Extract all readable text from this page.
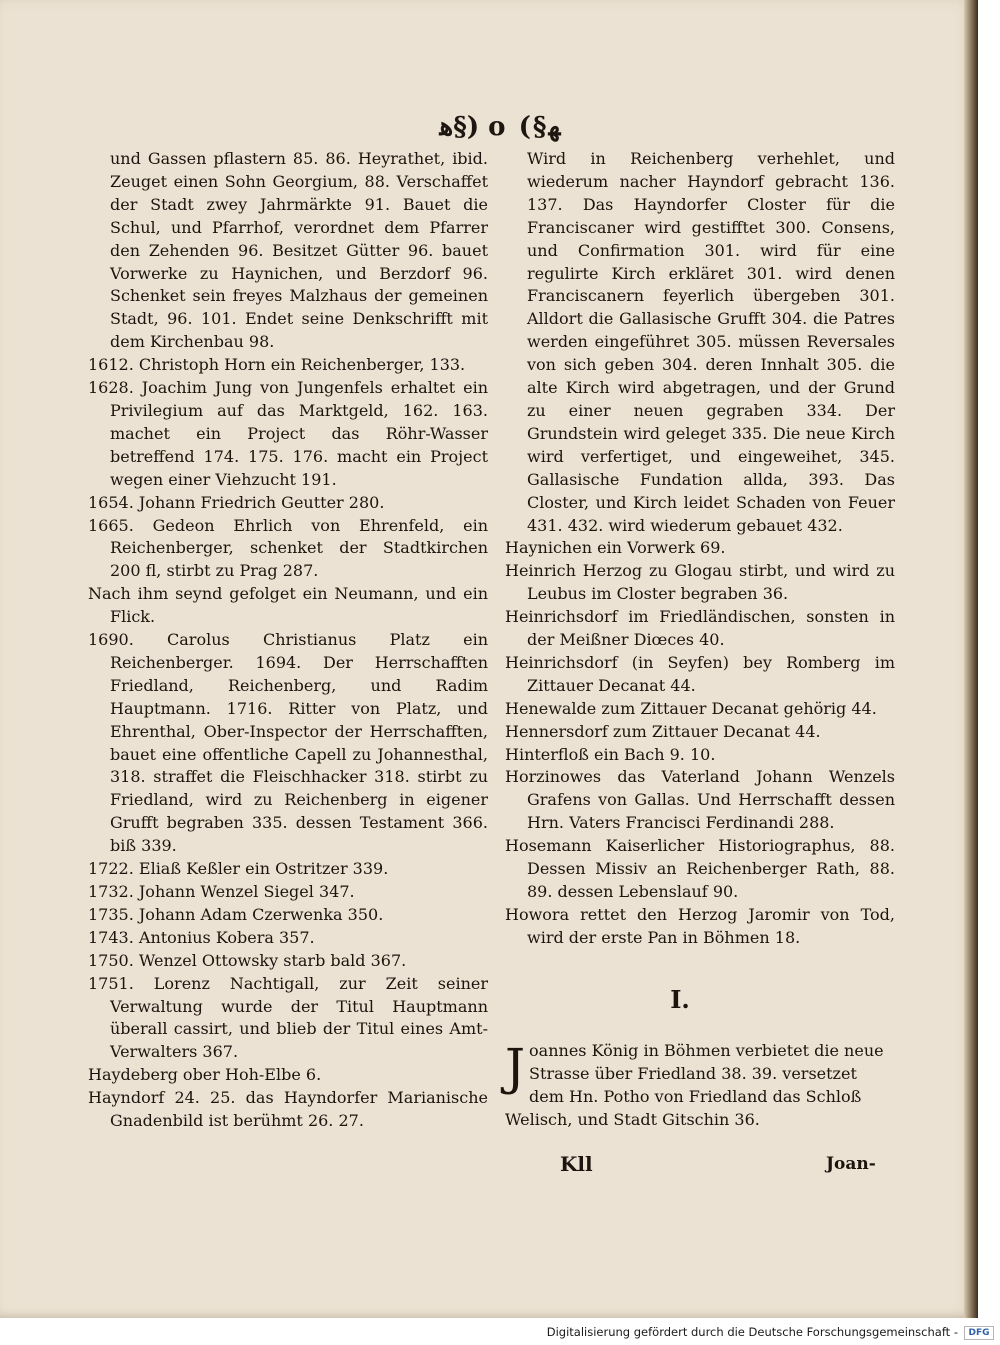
ﻫ§) o (§ﻬ

und Gassen pflastern 85. 86. Heyrathet, ibid. Zeuget einen Sohn Georgium, 88. Verschaffet der Stadt zwey Jahrmärkte 91. Bauet die Schul, und Pfarrhof, verordnet dem Pfarrer den Zehenden 96. Besitzet Gütter 96. bauet Vorwerke zu Haynichen, und Berzdorf 96. Schenket sein freyes Malzhaus der gemeinen Stadt, 96. 101. Endet seine Denkschrifft mit dem Kirchenbau 98.

1612. Christoph Horn ein Reichenberger, 133.

1628. Joachim Jung von Jungenfels erhaltet ein Privilegium auf das Marktgeld, 162. 163. machet ein Project das Röhr-Wasser betreffend 174. 175. 176. macht ein Project wegen einer Viehzucht 191.

1654. Johann Friedrich Geutter 280.

1665. Gedeon Ehrlich von Ehrenfeld, ein Reichenberger, schenket der Stadtkirchen 200 fl, stirbt zu Prag 287.

Nach ihm seynd gefolget ein Neumann, und ein Flick.

1690. Carolus Christianus Platz ein Reichenberger. 1694. Der Herrschafften Friedland, Reichenberg, und Radim Hauptmann. 1716. Ritter von Platz, und Ehrenthal, Ober-Inspector der Herrschafften, bauet eine offentliche Capell zu Johannesthal, 318. straffet die Fleischhacker 318. stirbt zu Friedland, wird zu Reichenberg in eigener Grufft begraben 335. dessen Testament 366. biß 339.

1722. Eliaß Keßler ein Ostritzer 339.

1732. Johann Wenzel Siegel 347.

1735. Johann Adam Czerwenka 350.

1743. Antonius Kobera 357.

1750. Wenzel Ottowsky starb bald 367.

1751. Lorenz Nachtigall, zur Zeit seiner Verwaltung wurde der Titul Hauptmann überall cassirt, und blieb der Titul eines Amt-Verwalters 367.

Haydeberg ober Hoh-Elbe 6.

Hayndorf 24. 25. das Hayndorfer Marianische Gnadenbild ist berühmt 26. 27.

Wird in Reichenberg verhehlet, und wiederum nacher Hayndorf gebracht 136. 137. Das Hayndorfer Closter für die Franciscaner wird gestifftet 300. Consens, und Confirmation 301. wird für eine regulirte Kirch erkläret 301. wird denen Franciscanern feyerlich übergeben 301. Alldort die Gallasische Grufft 304. die Patres werden eingeführet 305. müssen Reversales von sich geben 304. deren Innhalt 305. die alte Kirch wird abgetragen, und der Grund zu einer neuen gegraben 334. Der Grundstein wird geleget 335. Die neue Kirch wird verfertiget, und eingeweihet, 345. Gallasische Fundation allda, 393. Das Closter, und Kirch leidet Schaden von Feuer 431. 432. wird wiederum gebauet 432.

Haynichen ein Vorwerk 69.

Heinrich Herzog zu Glogau stirbt, und wird zu Leubus im Closter begraben 36.

Heinrichsdorf im Friedländischen, sonsten in der Meißner Diœces 40.

Heinrichsdorf (in Seyfen) bey Romberg im Zittauer Decanat 44.

Henewalde zum Zittauer Decanat gehörig 44.

Hennersdorf zum Zittauer Decanat 44.

Hinterfloß ein Bach 9. 10.

Horzinowes das Vaterland Johann Wenzels Grafens von Gallas. Und Herrschafft dessen Hrn. Vaters Francisci Ferdinandi 288.

Hosemann Kaiserlicher Historiographus, 88. Dessen Missiv an Reichenberger Rath, 88. 89. dessen Lebenslauf 90.

Howora rettet den Herzog Jaromir von Tod, wird der erste Pan in Böhmen 18.

I.
J oannes König in Böhmen verbietet die neue Strasse über Friedland 38. 39. versetzet dem Hn. Potho von Friedland das Schloß Welisch, und Stadt Gitschin 36.
Kll	Joan-
Digitalisierung gefördert durch die Deutsche Forschungsgemeinschaft -	DFG
